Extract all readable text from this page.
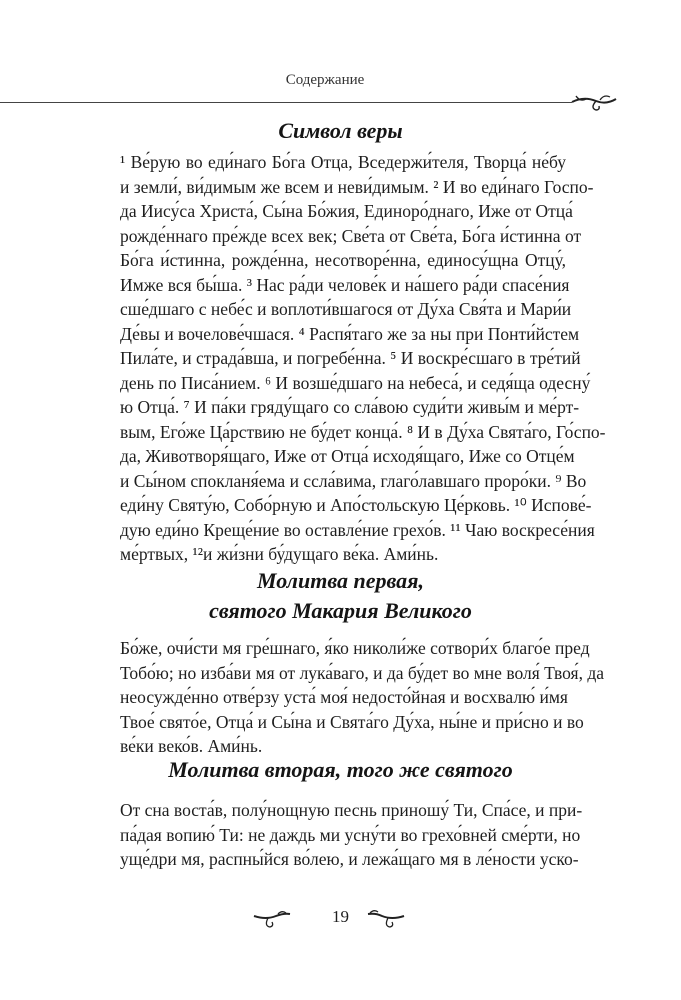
Содержание
Символ веры
¹ Ве́рую во еди́наго Бо́га Отца, Вседержи́теля, Творца́ не́бу
и земли́, ви́димым же всем и неви́димым. ² И во еди́наго Госпо-
да Иису́са Христа́, Сы́на Бо́жия, Единоро́днаго, Иже от Отца́
рожде́ннаго пре́жде всех век; Све́та от Све́та, Бо́га и́стинна от
Бо́га и́стинна, рожде́нна, несотворе́нна, единосу́щна Отцу́,
Имже вся бы́ша. ³ Нас ра́ди челове́к и на́шего ра́ди спасе́ния
сше́дшаго с небе́с и воплоти́вшагося от Ду́ха Свя́та и Мари́и
Де́вы и вочелове́чшася. ⁴ Распя́таго же за ны при Понти́йстем
Пила́те, и страда́вша, и погребе́нна. ⁵ И воскре́сшаго в тре́тий
день по Писа́нием. ⁶ И возше́дшаго на небеса́, и седя́ща одесну́
ю Отца́. ⁷ И па́ки гряду́щаго со сла́вою суди́ти живы́м и ме́рт-
вым, Его́же Ца́рствию не бу́дет конца́. ⁸ И в Ду́ха Свята́го, Го́спо-
да, Животворя́щаго, Иже от Отца́ исходя́щаго, Иже со Отце́м
и Сы́ном спокланя́ема и ссла́вима, глаго́лавшаго проро́ки. ⁹ Во
еди́ну Святу́ю, Собо́рную и Апо́стольскую Це́рковь. ¹⁰ Испове́-
дую еди́но Креще́ние во оставле́ние грехо́в. ¹¹ Чаю воскресе́ния
ме́ртвых, ¹²и жи́зни бу́дущаго ве́ка. Ами́нь.
Молитва первая,
святого Макария Великого
Бо́же, очи́сти мя гре́шнаго, я́ко николи́же сотвори́х благо́е пред
Тобо́ю; но изба́ви мя от лука́ваго, и да бу́дет во мне воля́ Твоя́, да
неосужде́нно отве́рзу уста́ моя́ недосто́йная и восхвалю́ и́мя
Твое́ свято́е, Отца́ и Сы́на и Свята́го Ду́ха, ны́не и при́сно и во
ве́ки веко́в. Ами́нь.
Молитва вторая, того же святого
От сна воста́в, полу́нощную песнь приношу́ Ти, Спа́се, и при-
па́дая вопию́ Ти: не даждь ми усну́ти во грехо́вней сме́рти, но
уще́дри мя, распны́йся во́лею, и лежа́щаго мя в ле́ности уско-
19
